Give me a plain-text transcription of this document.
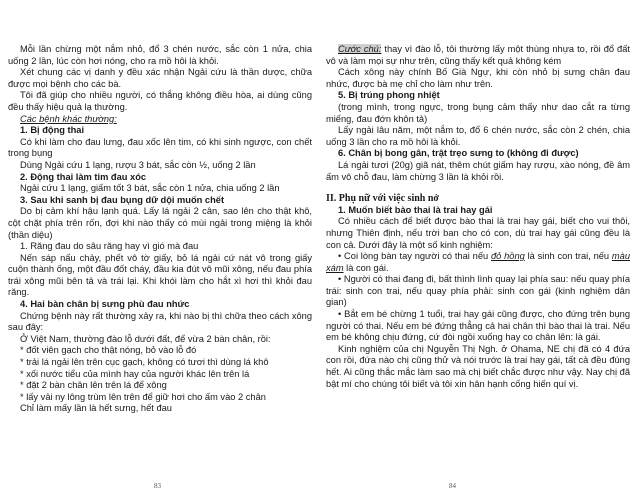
Mỗi lần chừng một nắm nhỏ, đổ 3 chén nước, sắc còn 1 nửa, chia uống 2 lần, lúc còn hơi nóng, cho ra mồ hôi là khỏi.

Xét chung các vị danh y đều xác nhận Ngải cứu là thần dược, chữa được mọi bệnh cho các bà.

Tôi đã giúp cho nhiều người, có thắng không điều hòa, ai dùng cũng đều thấy hiệu quả lạ thường.

Các bệnh khác thường:

1. Bị động thai

Có khi làm cho đau lưng, đau xốc lên tim, có khi sinh ngược, con chết trong bụng

Dùng Ngải cứu 1 lạng, rượu 3 bát, sắc còn ½, uống 2 lần

2. Động thai làm tim đau xóc

Ngải cứu 1 lạng, giấm tốt 3 bát, sắc còn 1 nửa, chia uống 2 lần

3. Sau khi sanh bị đau bụng dữ dội muốn chết

Do bị cảm khí hậu lạnh quá. Lấy lá ngải 2 cân, sao lên cho thật khô, cột chặt phía trên rốn, đợi khi nào thấy có mùi ngải trong miệng là khỏi (thần diệu)

1. Răng đau do sâu răng hay vì gió mà đau

Nến sáp nấu chảy, phết vô tờ giấy, bỏ lá ngải cứ nát vô trong giấy cuộn thành ống, một đầu đốt cháy, đầu kia đút vô mũi xông, nếu đau phía trái xông mũi bên tả và trái lại. Khi khói làm cho hắt xì hơi thì khỏi đau răng.

4. Hai bàn chân bị sưng phù đau nhức

Chứng bệnh này rất thường xảy ra, khi nào bị thì chữa theo cách xông sau đây:

Ở Việt Nam, thường đào lỗ dưới đất, để vừa 2 bàn chân, rồi:

* đốt viên gạch cho thật nóng, bỏ vào lỗ đó

* trải lá ngải lên trên cục gạch, không có tươi thì dùng lá khô

* xối nước tiểu của mình hay của người khác lên trên lá

* đặt 2 bàn chân lên trên lá để xông

* lấy vải ny lông trùm lên trên để giữ hơi cho ấm vào 2 chân

Chỉ làm mấy lần là hết sưng, hết đau

83

Cước chú: thay vì đào lỗ, tôi thường lấy một thùng nhựa to, rồi đổ đất vô và làm mọi sự như trên, cũng thấy kết quả không kém

Cách xông này chính Bố Già Ngự, khi còn nhỏ bị sưng chân đau nhức, được bà mẹ chỉ cho làm như trên.

5. Bị trúng phong nhiệt

(trong mình, trong ngực, trong bụng cảm thấy như dao cắt ra từng miếng, đau đớn khôn tả)

Lấy ngải lâu năm, một nắm to, đổ 6 chén nước, sắc còn 2 chén, chia uống 3 lần cho ra mồ hôi là khỏi.

6. Chân bị bong gân, trật trẹo sưng to (không đi được)

Lá ngải tươi (20g) giã nát, thêm chút giấm hay rượu, xào nóng, đề âm ấm vô chỗ đau, làm chừng 3 lần là khỏi rồi.

II. Phụ nữ với việc sinh nở

1. Muốn biết bào thai là trai hay gái

Có nhiều cách để biết được bào thai là trai hay gái, biết cho vui thôi, nhưng Thiên định, nếu trời ban cho có con, dù trai hay gái cũng đều là con cả. Dưới đây là một số kinh nghiệm:

• Coi lòng bàn tay người có thai nếu đỏ hồng là sinh con trai, nếu màu xám là con gái.

• Người có thai đang đi, bất thình lình quay lại phía sau: nếu quay phía trái: sinh con trai, nếu quay phía phải: sinh con gái (kinh nghiệm dân gian)

• Bắt em bé chừng 1 tuổi, trai hay gái cũng được, cho đứng trên bụng người có thai. Nếu em bé đứng thẳng cả hai chân thì bào thai là trai. Nếu em bé không chịu đứng, cứ đòi ngồi xuống hay co chân lên: là gái.

Kinh nghiệm của chị Nguyễn Thị Ngh. ở Ohama, NE chị đã có 4 đứa con rồi, đứa nào chị cũng thử và nói trước là trai hay gái, tất cả đều đúng hết. Ai cũng thắc mắc làm sao mà chị biết chắc được như vậy. Nay chị đã bật mí cho chúng tôi biết và tôi xin hân hạnh cống hiến quí vị.

84
